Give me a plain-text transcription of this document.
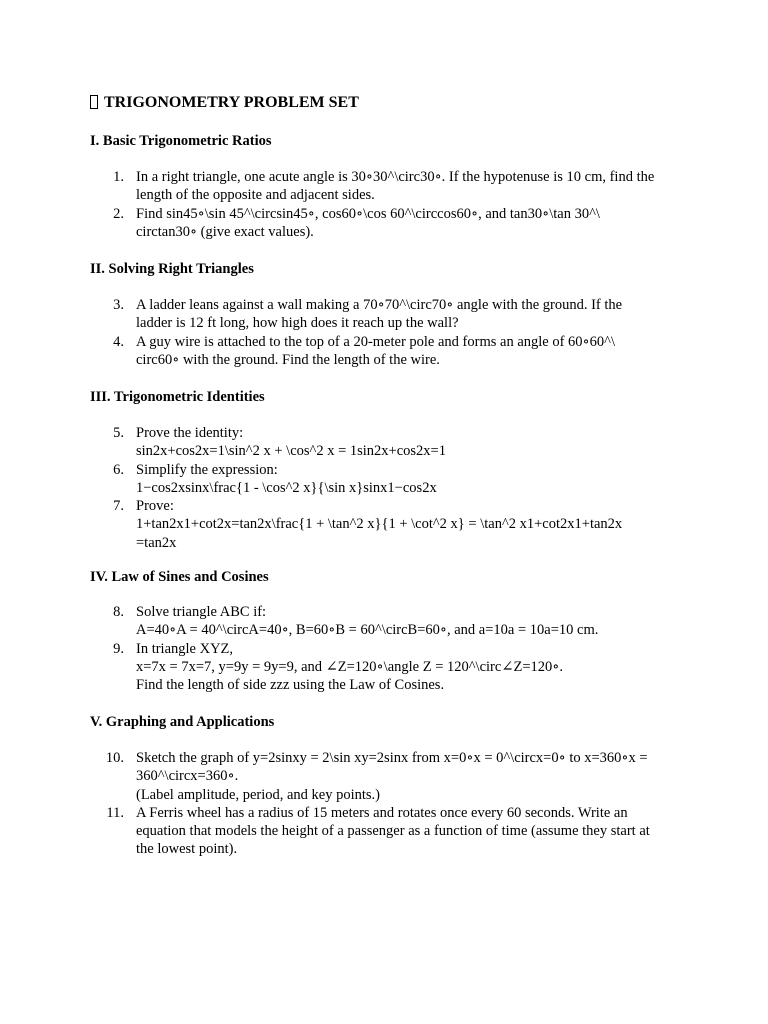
TRIGONOMETRY PROBLEM SET
I. Basic Trigonometric Ratios
1. In a right triangle, one acute angle is 30∘30^\circ30∘. If the hypotenuse is 10 cm, find the
length of the opposite and adjacent sides.
2. Find sin45∘\sin 45^\circsin45∘, cos60∘\cos 60^\circcos60∘, and tan30∘\tan 30^\
circtan30∘ (give exact values).
II. Solving Right Triangles
3. A ladder leans against a wall making a 70∘70^\circ70∘ angle with the ground. If the
ladder is 12 ft long, how high does it reach up the wall?
4. A guy wire is attached to the top of a 20-meter pole and forms an angle of 60∘60^\
circ60∘ with the ground. Find the length of the wire.
III. Trigonometric Identities
5. Prove the identity:
sin2x+cos2x=1\sin^2 x + \cos^2 x = 1sin2x+cos2x=1
6. Simplify the expression:
1−cos2xsinx\frac{1 - \cos^2 x}{\sin x}sinx1−cos2x
7. Prove:
1+tan2x1+cot2x=tan2x\frac{1 + \tan^2 x}{1 + \cot^2 x} = \tan^2 x1+cot2x1+tan2x
=tan2x
IV. Law of Sines and Cosines
8. Solve triangle ABC if:
A=40∘A = 40^\circA=40∘, B=60∘B = 60^\circB=60∘, and a=10a = 10a=10 cm.
9. In triangle XYZ,
x=7x = 7x=7, y=9y = 9y=9, and ∠Z=120∘\angle Z = 120^\circ∠Z=120∘.
Find the length of side zzz using the Law of Cosines.
V. Graphing and Applications
10. Sketch the graph of y=2sinxy = 2\sin xy=2sinx from x=0∘x = 0^\circx=0∘ to x=360∘x =
360^\circx=360∘.
(Label amplitude, period, and key points.)
11. A Ferris wheel has a radius of 15 meters and rotates once every 60 seconds. Write an
equation that models the height of a passenger as a function of time (assume they start at
the lowest point).
